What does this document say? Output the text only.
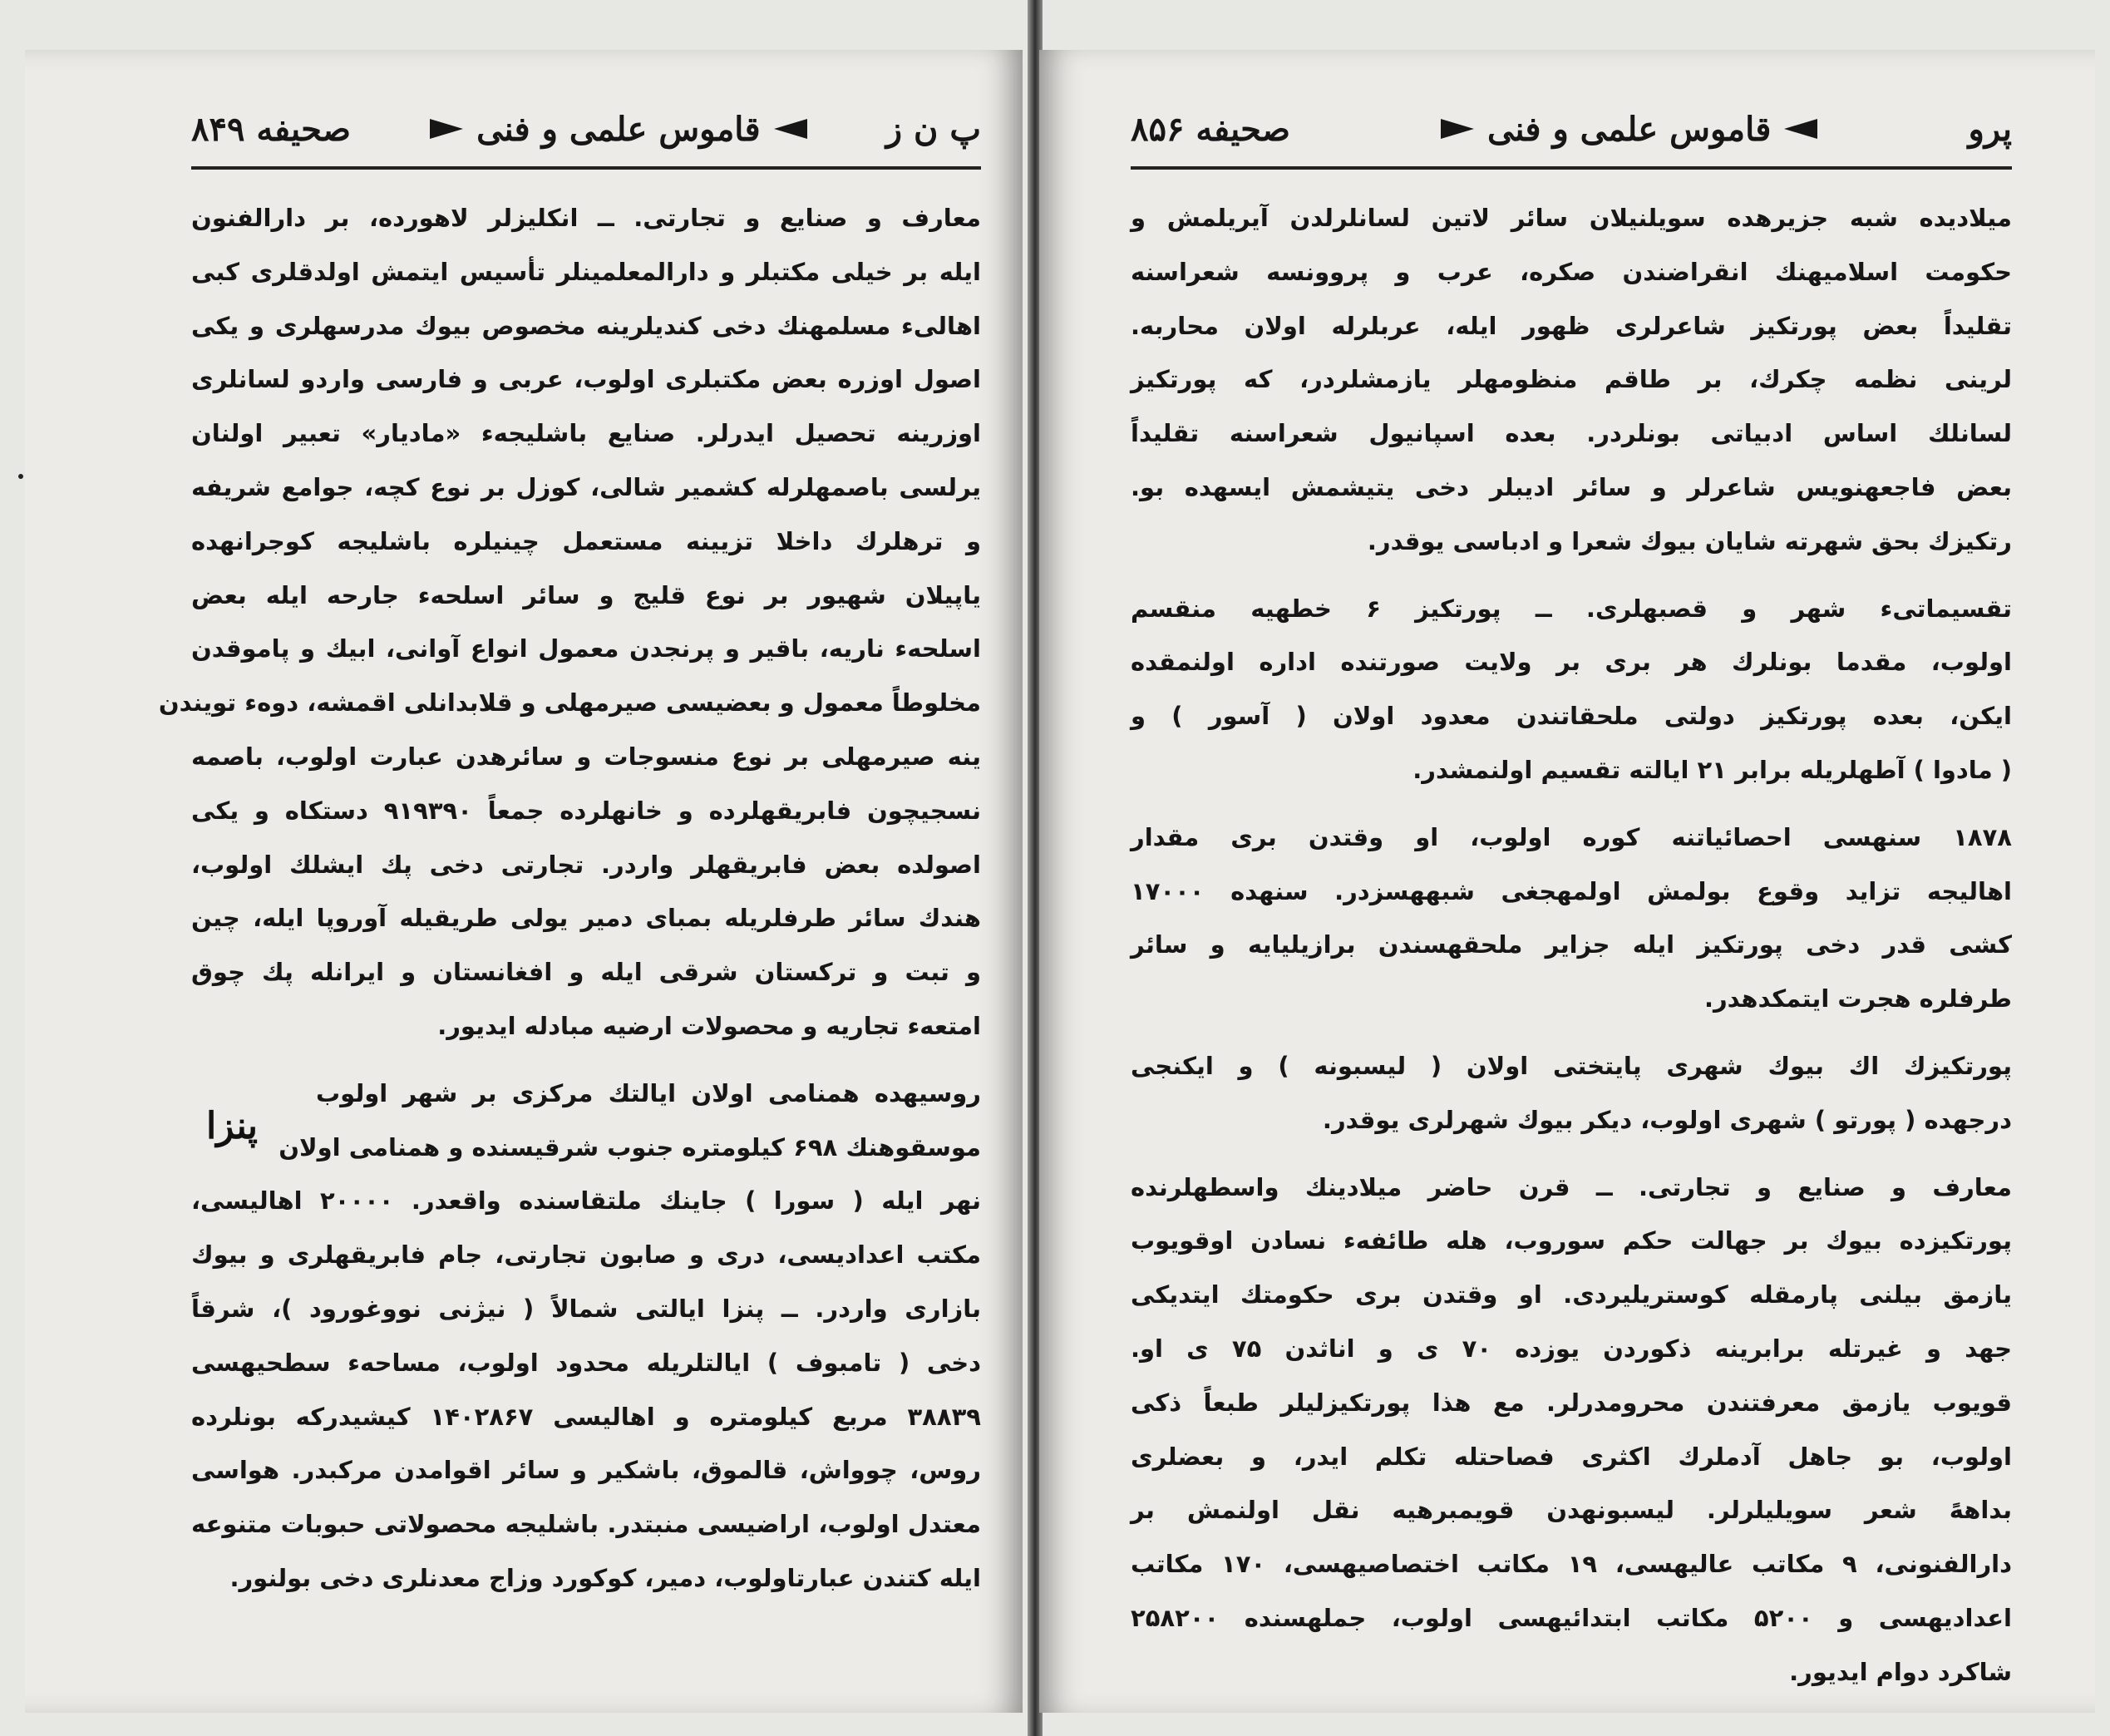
پ ن ز
قاموس علمی و فنی
صحیفه ۸۴۹
معارف و صنایع و تجارتی. ــ انکلیزلر لاهورده، بر دارالفنون
ایله بر خیلی مکتبلر و دارالمعلمینلر تأسیس ایتمش اولدقلری کبی
اهالیء مسلمهنك دخی کندیلرینه مخصوص بیوك مدرسهلری و یکی
اصول اوزره بعض مکتبلری اولوب، عربی و فارسی واردو لسانلری
اوزرینه تحصیل ایدرلر. صنایع باشلیجهء «مادیار» تعبیر اولنان
یرلسی باصمهلرله کشمیر شالی، کوزل بر نوع کچه، جوامع شریفه
و ترهلرك داخلا تزیینه مستعمل چینیلره باشلیجه کوجرانهده
یاپیلان شهیور بر نوع قلیج و سائر اسلحهء جارحه ایله بعض
اسلحهء ناریه، باقیر و پرنجدن معمول انواع آوانی، ابیك و پاموقدن
مخلوطاً معمول و بعضیسی صیرمهلی و قلابدانلی اقمشه، دوهء تویندن
ینه صیرمهلی بر نوع منسوجات و سائرهدن عبارت اولوب، باصمه
نسجیچون فابریقهلرده و خانهلرده جمعاً ۹۱۹۳۹۰ دستکاه و یکی
اصولده بعض فابریقهلر واردر. تجارتی دخی پك ایشلك اولوب،
هندك سائر طرفلریله بمبای دمیر یولی طریقیله آوروپا ایله، چین
و تبت و ترکستان شرقی ایله و افغانستان و ایرانله پك چوق
امتعهء تجاریه و محصولات ارضیه مبادله ایدیور.
پنزا
روسیهده همنامی اولان ایالتك مرکزی بر شهر اولوب
موسقوهنك ۶۹۸ کیلومتره جنوب شرقیسنده و همنامی اولان
نهر ایله ( سورا ) جاینك ملتقاسنده واقعدر. ۲۰۰۰۰ اهالیسی،
مکتب اعدادیسی، دری و صابون تجارتی، جام فابریقهلری و بیوك
بازاری واردر. ــ پنزا ایالتی شمالاً ( نیژنی نووغورود )، شرقاً
دخی ( تامبوف ) ایالتلریله محدود اولوب، مساحهء سطحیهسی
۳۸۸۳۹ مربع کیلومتره و اهالیسی ۱۴۰۲۸۶۷ کیشیدرکه بونلرده
روس، چوواش، قالموق، باشکیر و سائر اقوامدن مرکبدر. هواسی
معتدل اولوب، اراضیسی منبتدر. باشلیجه محصولاتی حبوبات متنوعه
ایله کتندن عبارتاولوب، دمیر، کوکورد وزاج معدنلری دخی بولنور.
پرو
قاموس علمی و فنی
صحیفه ۸۵۶
میلادیده شبه جزیرهده سویلنیلان سائر لاتین لسانلرلدن آیریلمش و
حکومت اسلامیهنك انقراضندن صکره، عرب و پروونسه شعراسنه
تقلیداً بعض پورتکیز شاعرلری ظهور ایله، عربلرله اولان محاربه.
لرینی نظمه چکرك، بر طاقم منظومهلر یازمشلردر، که پورتکیز
لسانلك اساس ادبیاتی بونلردر. بعده اسپانیول شعراسنه تقلیداً
بعض فاجعهنویس شاعرلر و سائر ادیبلر دخی یتیشمش ایسهده بو.
رتکیزك بحق شهرته شایان بیوك شعرا و ادباسی یوقدر.
تقسیماتیء شهر و قصبهلری. ــ پورتکیز ۶ خطهیه منقسم
اولوب، مقدما بونلرك هر بری بر ولایت صورتنده اداره اولنمقده
ایکن، بعده پورتکیز دولتی ملحقاتندن معدود اولان ( آسور ) و
( مادوا ) آطهلریله برابر ۲۱ ایالته تقسیم اولنمشدر.
۱۸۷۸ سنهسی احصائیاتنه کوره اولوب، او وقتدن بری مقدار
اهالیجه تزاید وقوع بولمش اولمهجغی شبههسزدر. سنهده ۱۷۰۰۰
کشی قدر دخی پورتکیز ایله جزایر ملحقهسندن برازیلیایه و سائر
طرفلره هجرت ایتمکدهدر.
پورتکیزك اك بیوك شهری پایتختی اولان ( لیسبونه ) و ایکنجی
درجهده ( پورتو ) شهری اولوب، دیکر بیوك شهرلری یوقدر.
معارف و صنایع و تجارتی. ــ قرن حاضر میلادینك واسطهلرنده
پورتکیزده بیوك بر جهالت حکم سوروب، هله طائفهء نسادن اوقویوب
یازمق بیلنی پارمقله کوستریلیردی. او وقتدن بری حکومتك ایتدیکی
جهد و غیرتله برابرینه ذکوردن یوزده ۷۰ ی و اناثدن ۷۵ ی او.
قویوب یازمق معرفتندن محرومدرلر. مع هذا پورتکیزلیلر طبعاً ذکی
اولوب، بو جاهل آدملرك اکثری فصاحتله تکلم ایدر، و بعضلری
بداههً شعر سویلیلرلر. لیسبونهدن قویمبرهیه نقل اولنمش بر
دارالفنونی، ۹ مکاتب عالیهسی، ۱۹ مکاتب اختصاصیهسی، ۱۷۰ مکاتب
اعدادیهسی و ۵۲۰۰ مکاتب ابتدائیهسی اولوب، جملهسنده ۲۵۸۲۰۰
شاکرد دوام ایدیور.
